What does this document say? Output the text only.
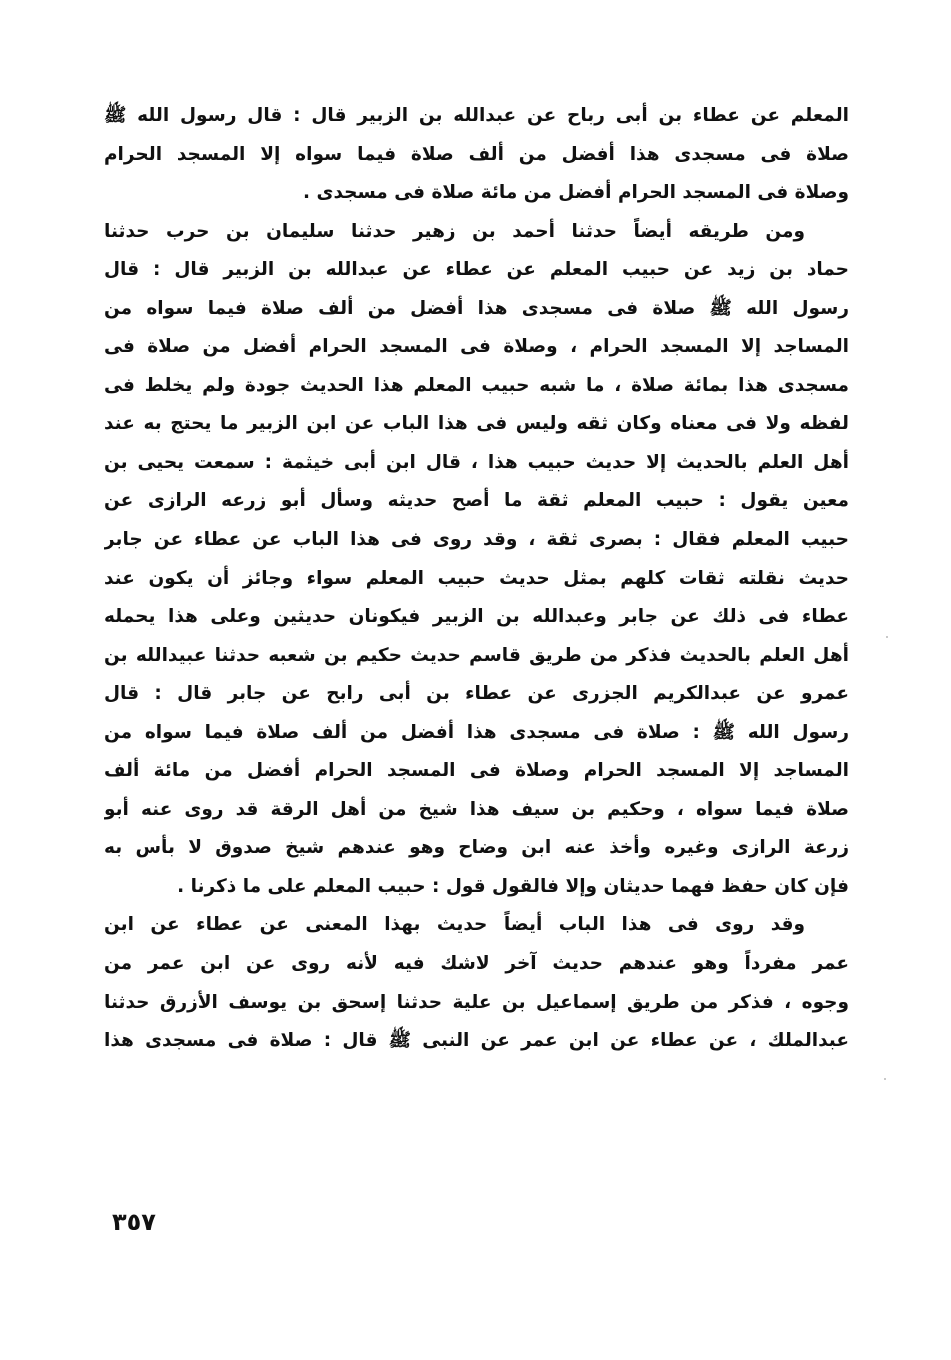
المعلم عن عطاء بن أبى رباح عن عبدالله بن الزبير قال : قال رسول الله ﷺ
صلاة فى مسجدى هذا أفضل من ألف صلاة فيما سواه إلا المسجد الحرام
وصلاة فى المسجد الحرام أفضل من مائة صلاة فى مسجدى .
ومن طريقه أيضاً حدثنا أحمد بن زهير حدثنا سليمان بن حرب حدثنا
حماد بن زيد عن حبيب المعلم عن عطاء عن عبدالله بن الزبير قال : قال
رسول الله ﷺ صلاة فى مسجدى هذا أفضل من ألف صلاة فيما سواه من
المساجد إلا المسجد الحرام ، وصلاة فى المسجد الحرام أفضل من صلاة فى
مسجدى هذا بمائة صلاة ، ما شبه حبيب المعلم هذا الحديث جودة ولم يخلط فى
لفظه ولا فى معناه وكان ثقه وليس فى هذا الباب عن ابن الزبير ما يحتج به عند
أهل العلم بالحديث إلا حديث حبيب هذا ، قال ابن أبى خيثمة : سمعت يحيى بن
معين يقول : حبيب المعلم ثقة ما أصح حديثه وسأل أبو زرعه الرازى عن
حبيب المعلم فقال : بصرى ثقة ، وقد روى فى هذا الباب عن عطاء عن جابر
حديث نقلته ثقات كلهم بمثل حديث حبيب المعلم سواء وجائز أن يكون عند
عطاء فى ذلك عن جابر وعبدالله بن الزبير فيكونان حديثين وعلى هذا يحمله
أهل العلم بالحديث فذكر من طريق قاسم حديث حكيم بن شعبه حدثنا عبيدالله بن
عمرو عن عبدالكريم الجزرى عن عطاء بن أبى رابح عن جابر قال : قال
رسول الله ﷺ : صلاة فى مسجدى هذا أفضل من ألف صلاة فيما سواه من
المساجد إلا المسجد الحرام وصلاة فى المسجد الحرام أفضل من مائة ألف
صلاة فيما سواه ، وحكيم بن سيف هذا شيخ من أهل الرقة قد روى عنه أبو
زرعة الرازى وغيره وأخذ عنه ابن وضاح وهو عندهم شيخ صدوق لا بأس به
فإن كان حفظ فهما حديثان وإلا فالقول قول : حبيب المعلم على ما ذكرنا .
وقد روى فى هذا الباب أيضاً حديث بهذا المعنى عن عطاء عن ابن
عمر مفرداً وهو عندهم حديث آخر لاشك فيه لأنه روى عن ابن عمر من
وجوه ، فذكر من طريق إسماعيل بن علية حدثنا إسحق بن يوسف الأزرق حدثنا
عبدالملك ، عن عطاء عن ابن عمر عن النبى ﷺ قال : صلاة فى مسجدى هذا
٣٥٧
